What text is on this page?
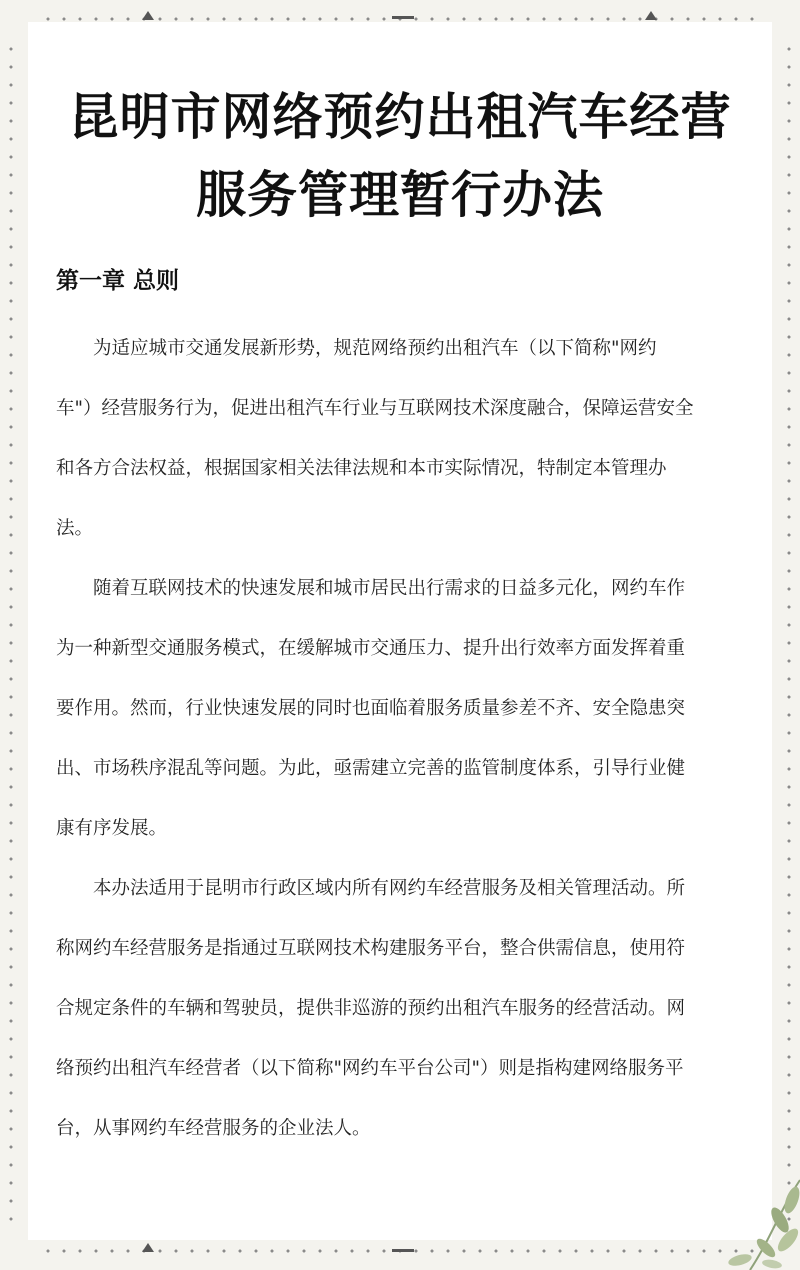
昆明市网络预约出租汽车经营
服务管理暂行办法
第一章 总则
为适应城市交通发展新形势，规范网络预约出租汽车（以下简称"网约
车"）经营服务行为，促进出租汽车行业与互联网技术深度融合，保障运营安全
和各方合法权益，根据国家相关法律法规和本市实际情况，特制定本管理办
法。
随着互联网技术的快速发展和城市居民出行需求的日益多元化，网约车作
为一种新型交通服务模式，在缓解城市交通压力、提升出行效率方面发挥着重
要作用。然而，行业快速发展的同时也面临着服务质量参差不齐、安全隐患突
出、市场秩序混乱等问题。为此，亟需建立完善的监管制度体系，引导行业健
康有序发展。
本办法适用于昆明市行政区域内所有网约车经营服务及相关管理活动。所
称网约车经营服务是指通过互联网技术构建服务平台，整合供需信息，使用符
合规定条件的车辆和驾驶员，提供非巡游的预约出租汽车服务的经营活动。网
络预约出租汽车经营者（以下简称"网约车平台公司"）则是指构建网络服务平
台，从事网约车经营服务的企业法人。
